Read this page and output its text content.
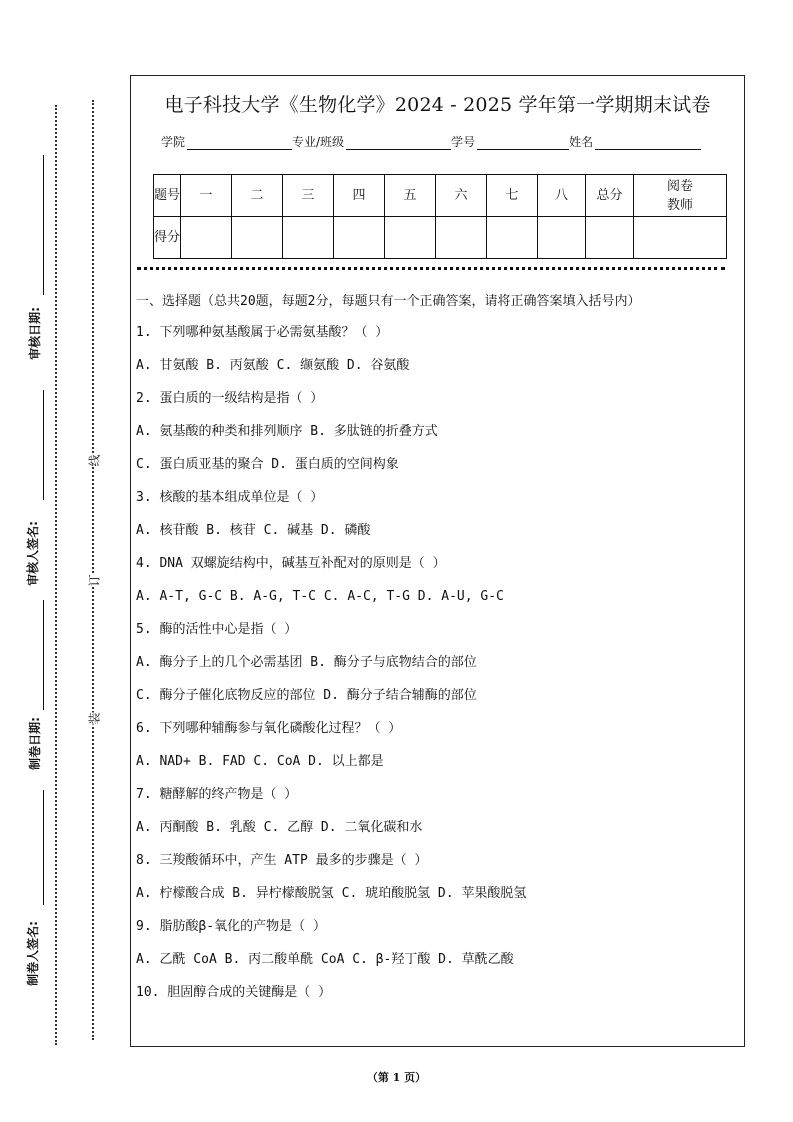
审核日期:
审核人签名:
制卷日期:
制卷人签名:
线
订
装
电子科技大学《生物化学》2024 - 2025 学年第一学期期末试卷
学院	专业/班级	学号	姓名
题号	一	二	三	四	五	六	七	八	总分	阅卷教师
得分										
一、选择题（总共20题，每题2分，每题只有一个正确答案，请将正确答案填入括号内）
1. 下列哪种氨基酸属于必需氨基酸？（ ）
A. 甘氨酸 B. 丙氨酸 C. 缬氨酸 D. 谷氨酸
2. 蛋白质的一级结构是指（ ）
A. 氨基酸的种类和排列顺序 B. 多肽链的折叠方式
C. 蛋白质亚基的聚合 D. 蛋白质的空间构象
3. 核酸的基本组成单位是（ ）
A. 核苷酸 B. 核苷 C. 碱基 D. 磷酸
4. DNA 双螺旋结构中，碱基互补配对的原则是（ ）
A. A-T, G-C B. A-G, T-C C. A-C, T-G D. A-U, G-C
5. 酶的活性中心是指（ ）
A. 酶分子上的几个必需基团 B. 酶分子与底物结合的部位
C. 酶分子催化底物反应的部位 D. 酶分子结合辅酶的部位
6. 下列哪种辅酶参与氧化磷酸化过程？（ ）
A. NAD+ B. FAD C. CoA D. 以上都是
7. 糖酵解的终产物是（ ）
A. 丙酮酸 B. 乳酸 C. 乙醇 D. 二氧化碳和水
8. 三羧酸循环中，产生 ATP 最多的步骤是（ ）
A. 柠檬酸合成 B. 异柠檬酸脱氢 C. 琥珀酸脱氢 D. 苹果酸脱氢
9. 脂肪酸β-氧化的产物是（ ）
A. 乙酰 CoA B. 丙二酸单酰 CoA C. β-羟丁酸 D. 草酰乙酸
10. 胆固醇合成的关键酶是（ ）
（第 1 页）
